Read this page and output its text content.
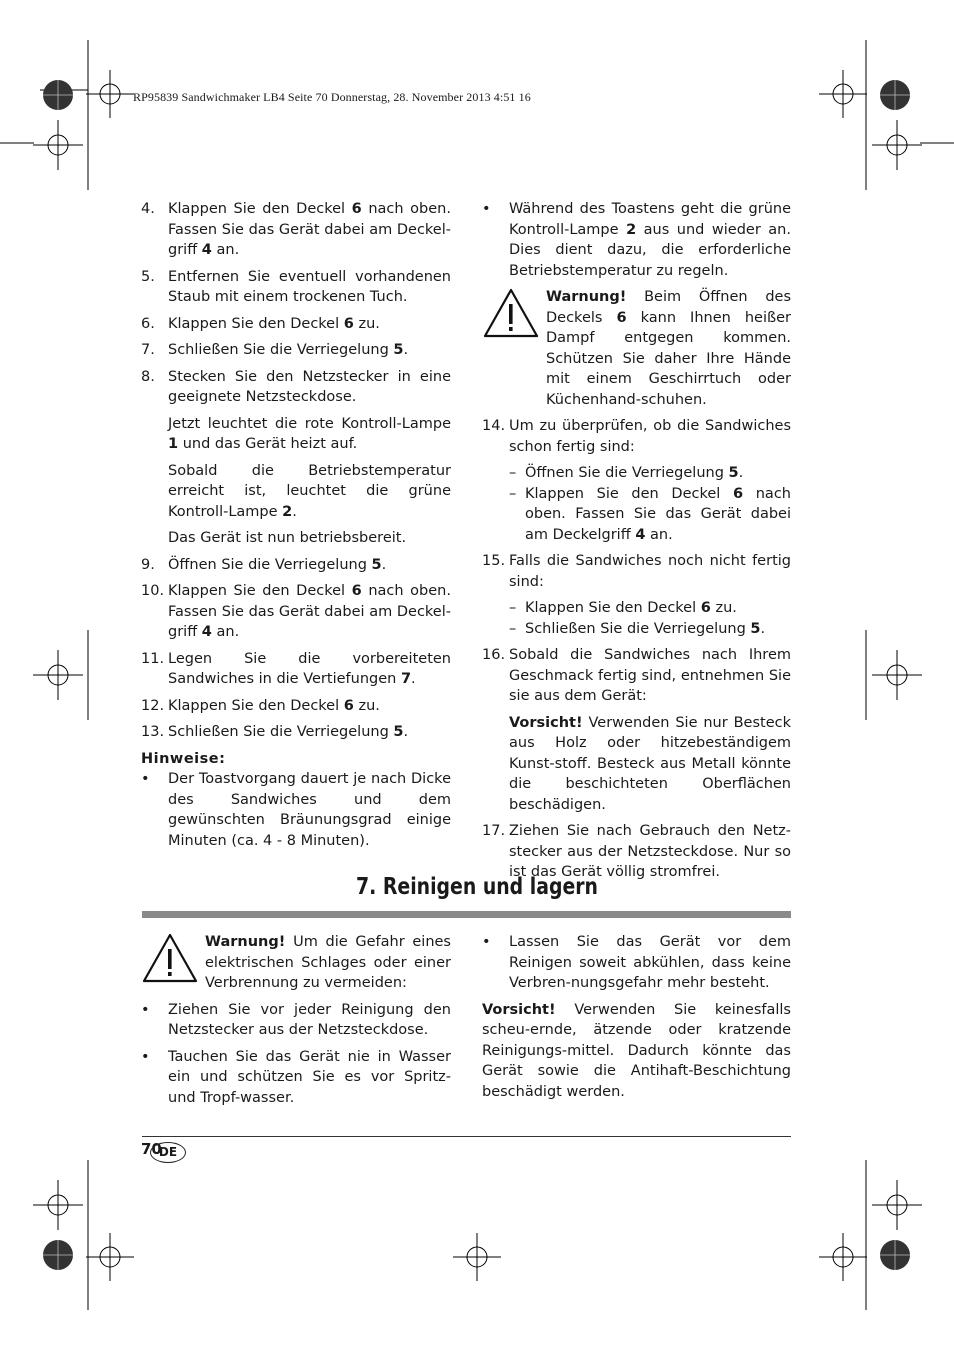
RP95839 Sandwichmaker LB4 Seite 70 Donnerstag, 28. November 2013 4:51 16
4. Klappen Sie den Deckel 6 nach oben. Fassen Sie das Gerät dabei am Deckel-griff 4 an.
5. Entfernen Sie eventuell vorhandenen Staub mit einem trockenen Tuch.
6. Klappen Sie den Deckel 6 zu.
7. Schließen Sie die Verriegelung 5.
8. Stecken Sie den Netzstecker in eine geeignete Netzsteckdose.
Jetzt leuchtet die rote Kontroll-Lampe 1 und das Gerät heizt auf.
Sobald die Betriebstemperatur erreicht ist, leuchtet die grüne Kontroll-Lampe 2.
Das Gerät ist nun betriebsbereit.
9. Öffnen Sie die Verriegelung 5.
10. Klappen Sie den Deckel 6 nach oben. Fassen Sie das Gerät dabei am Deckel-griff 4 an.
11. Legen Sie die vorbereiteten Sandwiches in die Vertiefungen 7.
12. Klappen Sie den Deckel 6 zu.
13. Schließen Sie die Verriegelung 5.
Hinweise:
•	Der Toastvorgang dauert je nach Dicke des Sandwiches und dem gewünschten Bräunungsgrad einige Minuten (ca. 4 - 8 Minuten).
•	Während des Toastens geht die grüne Kontroll-Lampe 2 aus und wieder an. Dies dient dazu, die erforderliche Betriebstemperatur zu regeln.
Warnung! Beim Öffnen des Deckels 6 kann Ihnen heißer Dampf entgegen kommen. Schützen Sie daher Ihre Hände mit einem Geschirrtuch oder Küchenhand-schuhen.
14. Um zu überprüfen, ob die Sandwiches schon fertig sind:
– Öffnen Sie die Verriegelung 5.
– Klappen Sie den Deckel 6 nach oben. Fassen Sie das Gerät dabei am Deckelgriff 4 an.
15. Falls die Sandwiches noch nicht fertig sind:
– Klappen Sie den Deckel 6 zu.
– Schließen Sie die Verriegelung 5.
16. Sobald die Sandwiches nach Ihrem Geschmack fertig sind, entnehmen Sie sie aus dem Gerät:
Vorsicht! Verwenden Sie nur Besteck aus Holz oder hitzebeständigem Kunst-stoff. Besteck aus Metall könnte die beschichteten Oberflächen beschädigen.
17. Ziehen Sie nach Gebrauch den Netz-stecker aus der Netzsteckdose. Nur so ist das Gerät völlig stromfrei.
7. Reinigen und lagern
Warnung! Um die Gefahr eines elektrischen Schlages oder einer Verbrennung zu vermeiden:
•	Ziehen Sie vor jeder Reinigung den Netzstecker aus der Netzsteckdose.
•	Tauchen Sie das Gerät nie in Wasser ein und schützen Sie es vor Spritz- und Tropf-wasser.
•	Lassen Sie das Gerät vor dem Reinigen soweit abkühlen, dass keine Verbren-nungsgefahr mehr besteht.
Vorsicht! Verwenden Sie keinesfalls scheu-ernde, ätzende oder kratzende Reinigungs-mittel. Dadurch könnte das Gerät sowie die Antihaft-Beschichtung beschädigt werden.
70
DE
